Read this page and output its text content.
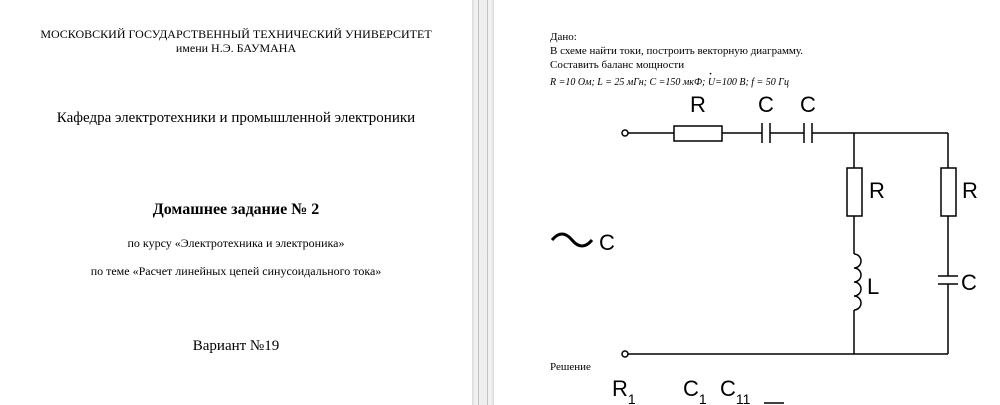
МОСКОВСКИЙ ГОСУДАРСТВЕННЫЙ ТЕХНИЧЕСКИЙ УНИВЕРСИТЕТ
имени Н.Э. БАУМАНА
Кафедра электротехники и промышленной электроники
Домашнее задание № 2
по курсу «Электротехника и электроника»
по теме «Расчет линейных цепей синусоидального тока»
Вариант №19
Дано:
В схеме найти токи, построить векторную диаграмму.
Составить баланс мощности
R =10 Ом; L = 25 мГн; C =150 мкФ; · U=100 В; f = 50 Гц
R C C
R
L
R
C
C
$R_1$ $C_1$ $C_{11}$
Решение
